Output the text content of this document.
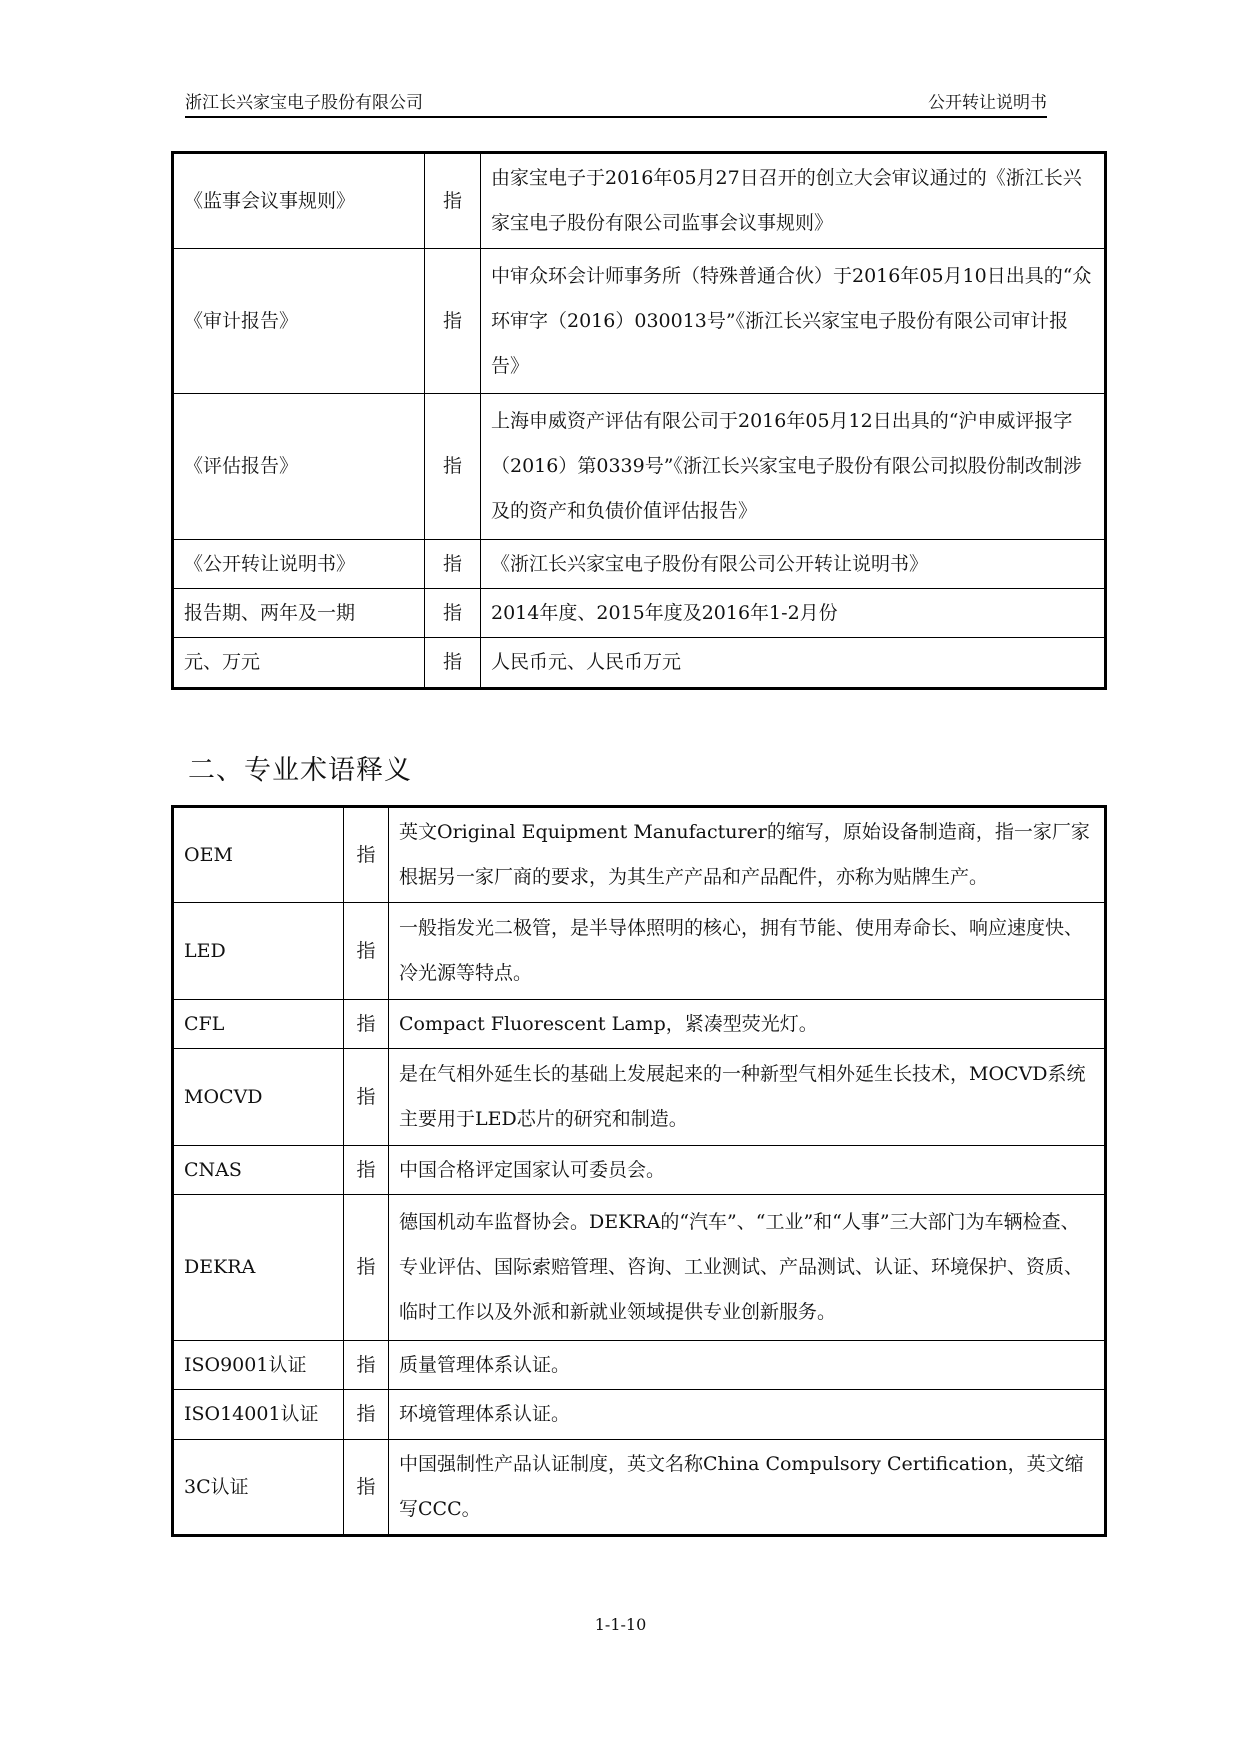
浙江长兴家宝电子股份有限公司	公开转让说明书
《监事会议事规则》	指	由家宝电子于2016年05月27日召开的创立大会审议通过的《浙江长兴家宝电子股份有限公司监事会议事规则》
《审计报告》	指	中审众环会计师事务所（特殊普通合伙）于2016年05月10日出具的“众环审字（2016）030013号”《浙江长兴家宝电子股份有限公司审计报告》
《评估报告》	指	上海申威资产评估有限公司于2016年05月12日出具的“沪申威评报字（2016）第0339号”《浙江长兴家宝电子股份有限公司拟股份制改制涉及的资产和负债价值评估报告》
《公开转让说明书》	指	《浙江长兴家宝电子股份有限公司公开转让说明书》
报告期、两年及一期	指	2014年度、2015年度及2016年1-2月份
元、万元	指	人民币元、人民币万元
二、专业术语释义
OEM	指	英文Original Equipment Manufacturer的缩写，原始设备制造商，指一家厂家根据另一家厂商的要求，为其生产产品和产品配件，亦称为贴牌生产。
LED	指	一般指发光二极管，是半导体照明的核心，拥有节能、使用寿命长、响应速度快、冷光源等特点。
CFL	指	Compact Fluorescent Lamp，紧凑型荧光灯。
MOCVD	指	是在气相外延生长的基础上发展起来的一种新型气相外延生长技术，MOCVD系统主要用于LED芯片的研究和制造。
CNAS	指	中国合格评定国家认可委员会。
DEKRA	指	德国机动车监督协会。DEKRA的“汽车”、“工业”和“人事”三大部门为车辆检查、专业评估、国际索赔管理、咨询、工业测试、产品测试、认证、环境保护、资质、临时工作以及外派和新就业领域提供专业创新服务。
ISO9001认证	指	质量管理体系认证。
ISO14001认证	指	环境管理体系认证。
3C认证	指	中国强制性产品认证制度，英文名称China Compulsory Certification，英文缩写CCC。
1-1-10
